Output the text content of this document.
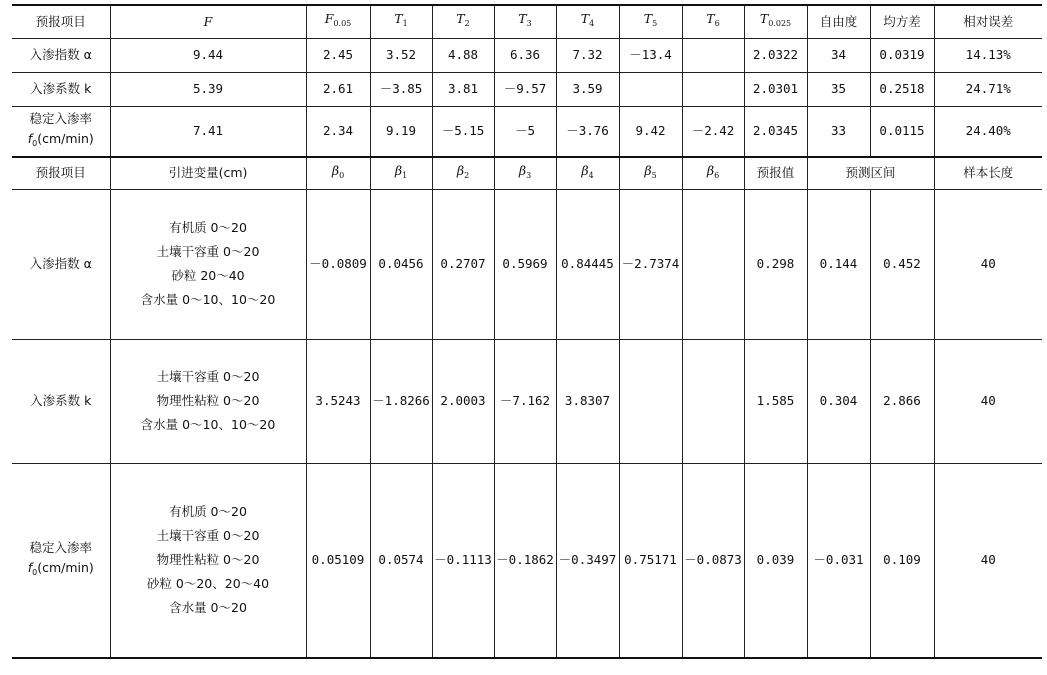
预报项目	F	$F_{0.05}$	$T_1$	$T_2$	$T_3$	$T_4$	$T_5$	$T_6$	$T_{0.025}$	自由度	均方差	相对误差
入渗指数 α	9.44	2.45	3.52	4.88	6.36	7.32	－13.4		2.0322	34	0.0319	14.13%
入渗系数 k	5.39	2.61	－3.85	3.81	－9.57	3.59			2.0301	35	0.2518	24.71%

稳定入渗率
$f_0(cm/\min)$	7.41	2.34	9.19	－5.15	－5	－3.76	9.42	－2.42	2.0345	33	0.0115	24.40%
预报项目	引进变量(cm)	$\beta_0$	$\beta_1$	$\beta_2$	$\beta_3$	$\beta_4$	$\beta_5$	$\beta_6$	预报值	预测区间		样本长度
入渗指数 α	有机质 0～20
土壤干容重 0～20
砂粒 20～40
含水量 0～10、10～20	－0.0809	0.0456	0.2707	0.5969	0.84445	－2.7374		0.298	0.144	0.452	40
入渗系数 k	土壤干容重 0～20
物理性粘粒 0～20
含水量 0～10、10～20	3.5243	－1.8266	2.0003	－7.162	3.8307			1.585	0.304	2.866	40

稳定入渗率
$f_0(cm/\min)$	有机质 0～20
土壤干容重 0～20
物理性粘粒 0～20
砂粒 0～20、20～40
含水量 0～20	0.05109	0.0574	－0.1113	－0.1862	－0.3497	0.75171	－0.0873	0.039	－0.031	0.109	40
